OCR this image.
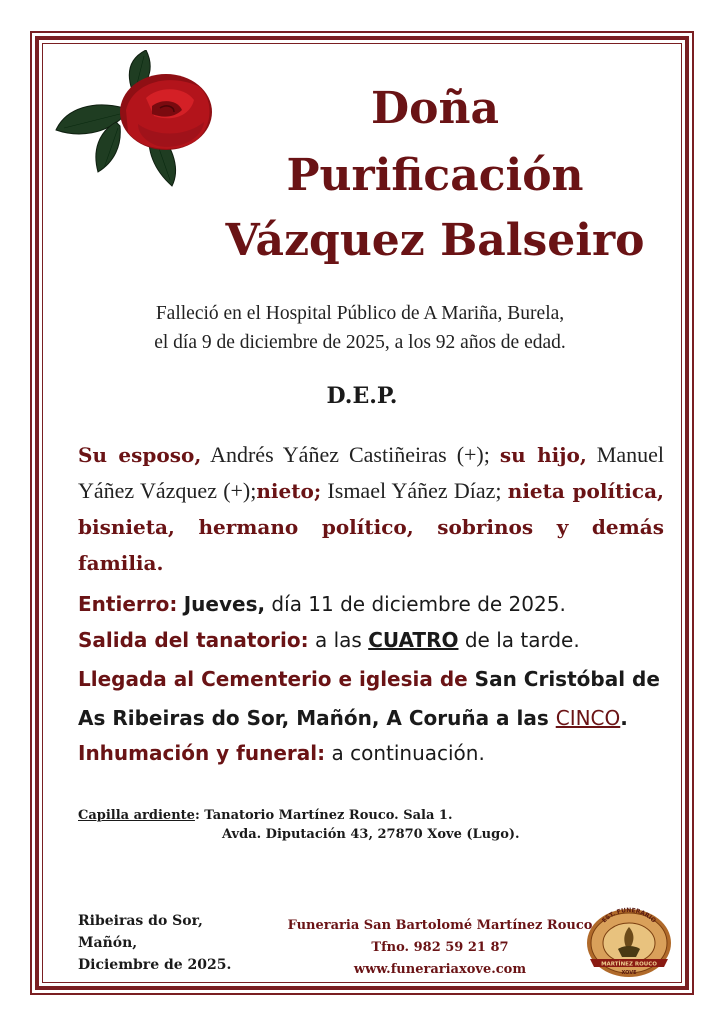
Doña
Purificación
Vázquez Balseiro
Falleció en el Hospital Público de A Mariña, Burela,
el día 9 de diciembre de 2025, a los 92 años de edad.
D.E.P.
Su esposo, Andrés Yáñez Castiñeiras (+); su hijo, Manuel Yáñez Vázquez (+);nieto; Ismael Yáñez Díaz; nieta política, bisnieta, hermano político, sobrinos y demás familia.
Entierro: Jueves, día 11 de diciembre de 2025.
Salida del tanatorio: a las CUATRO de la tarde.
Llegada al Cementerio e iglesia de San Cristóbal de
As Ribeiras do Sor, Mañón, A Coruña a las CINCO.
Inhumación y funeral: a continuación.
Capilla ardiente: Tanatorio Martínez Rouco. Sala 1.
Avda. Diputación 43, 27870 Xove (Lugo).
Ribeiras do Sor,
Mañón,
Diciembre de 2025.
Funeraria San Bartolomé Martínez Rouco
Tfno. 982 59 21 87
www.funerariaxove.com
EST. FUNERARIO
MARTÍNEZ ROUCO
XOVE
